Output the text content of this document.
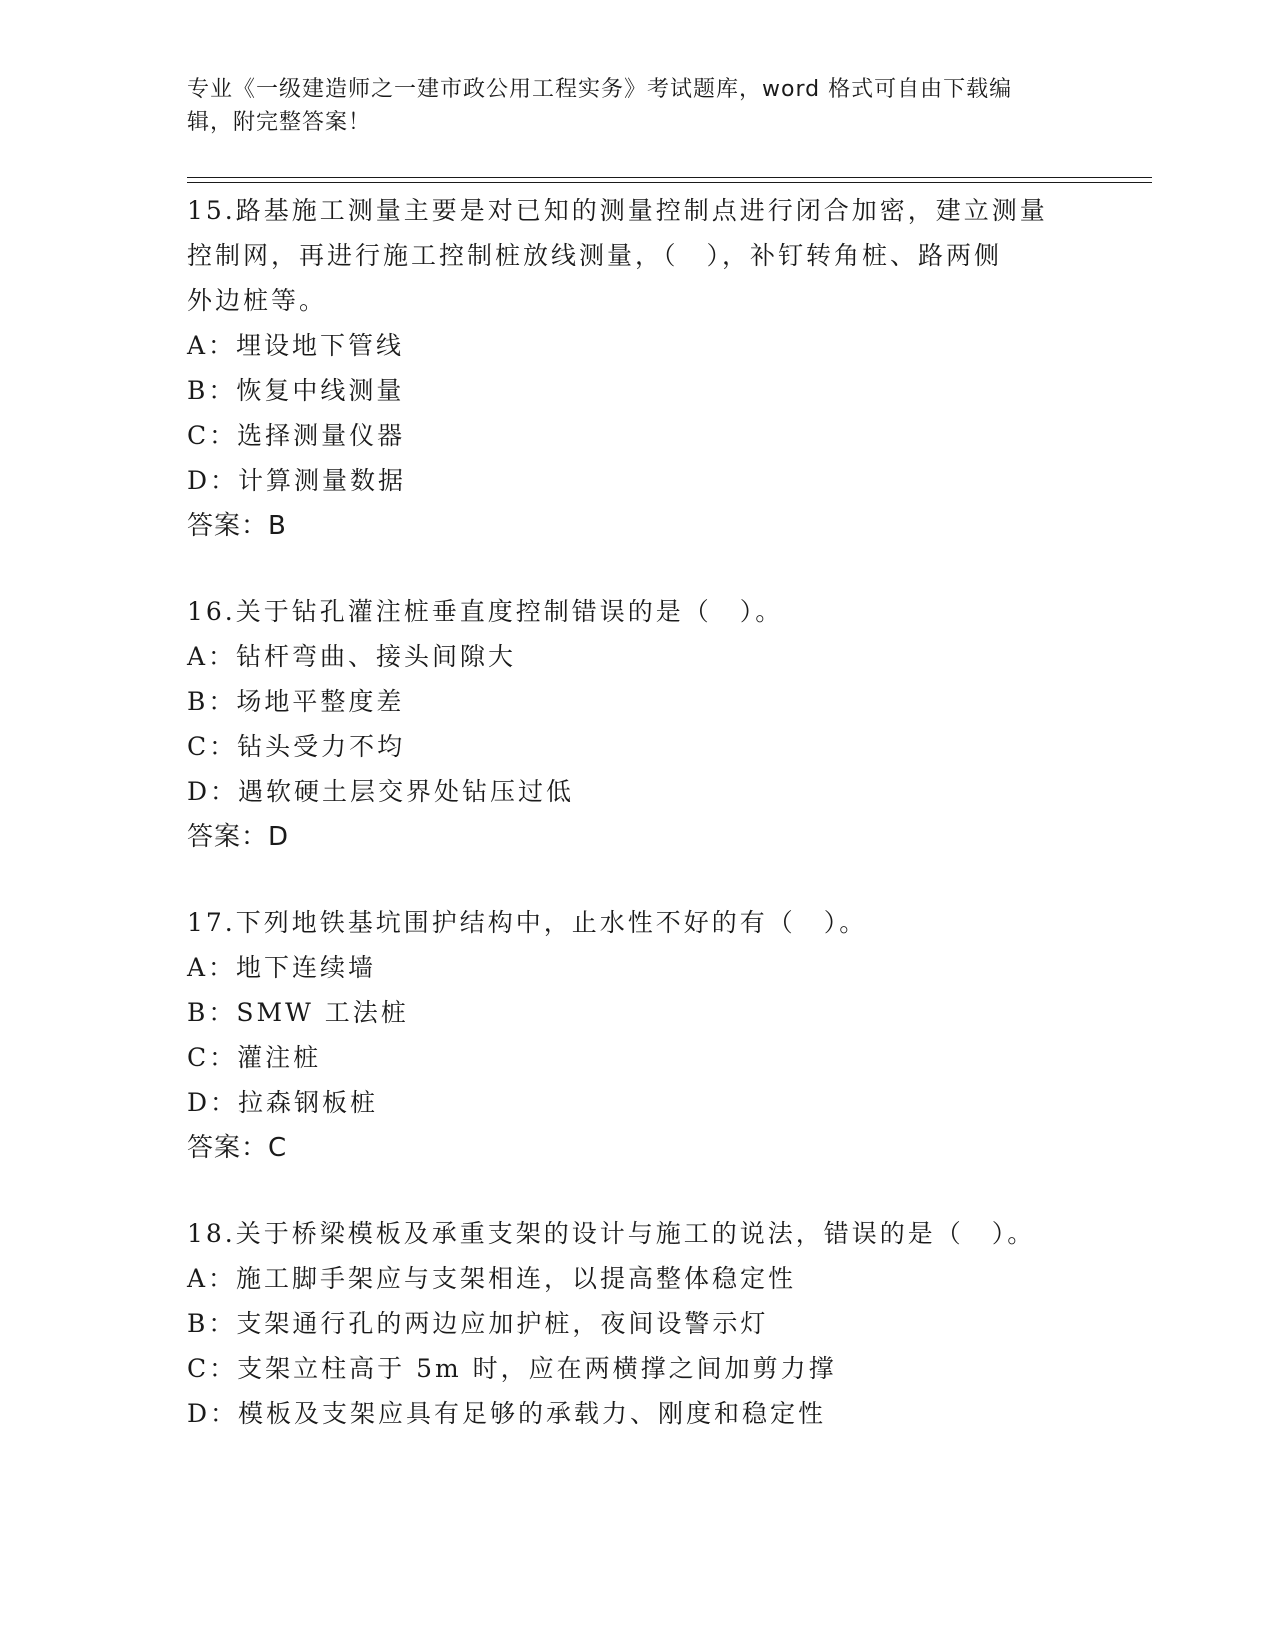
专业《一级建造师之一建市政公用工程实务》考试题库，word 格式可自由下载编
辑，附完整答案！

15.路基施工测量主要是对已知的测量控制点进行闭合加密，建立测量

控制网，再进行施工控制桩放线测量，（　），补钉转角桩、路两侧

外边桩等。

A：埋设地下管线

B：恢复中线测量

C：选择测量仪器

D：计算测量数据

答案：B

16.关于钻孔灌注桩垂直度控制错误的是（　）。

A：钻杆弯曲、接头间隙大

B：场地平整度差

C：钻头受力不均

D：遇软硬土层交界处钻压过低

答案：D

17.下列地铁基坑围护结构中，止水性不好的有（　）。

A：地下连续墙

B：SMW 工法桩

C：灌注桩

D：拉森钢板桩

答案：C

18.关于桥梁模板及承重支架的设计与施工的说法，错误的是（　）。

A：施工脚手架应与支架相连，以提高整体稳定性

B：支架通行孔的两边应加护桩，夜间设警示灯

C：支架立柱高于 5m 时，应在两横撑之间加剪力撑

D：模板及支架应具有足够的承载力、刚度和稳定性
